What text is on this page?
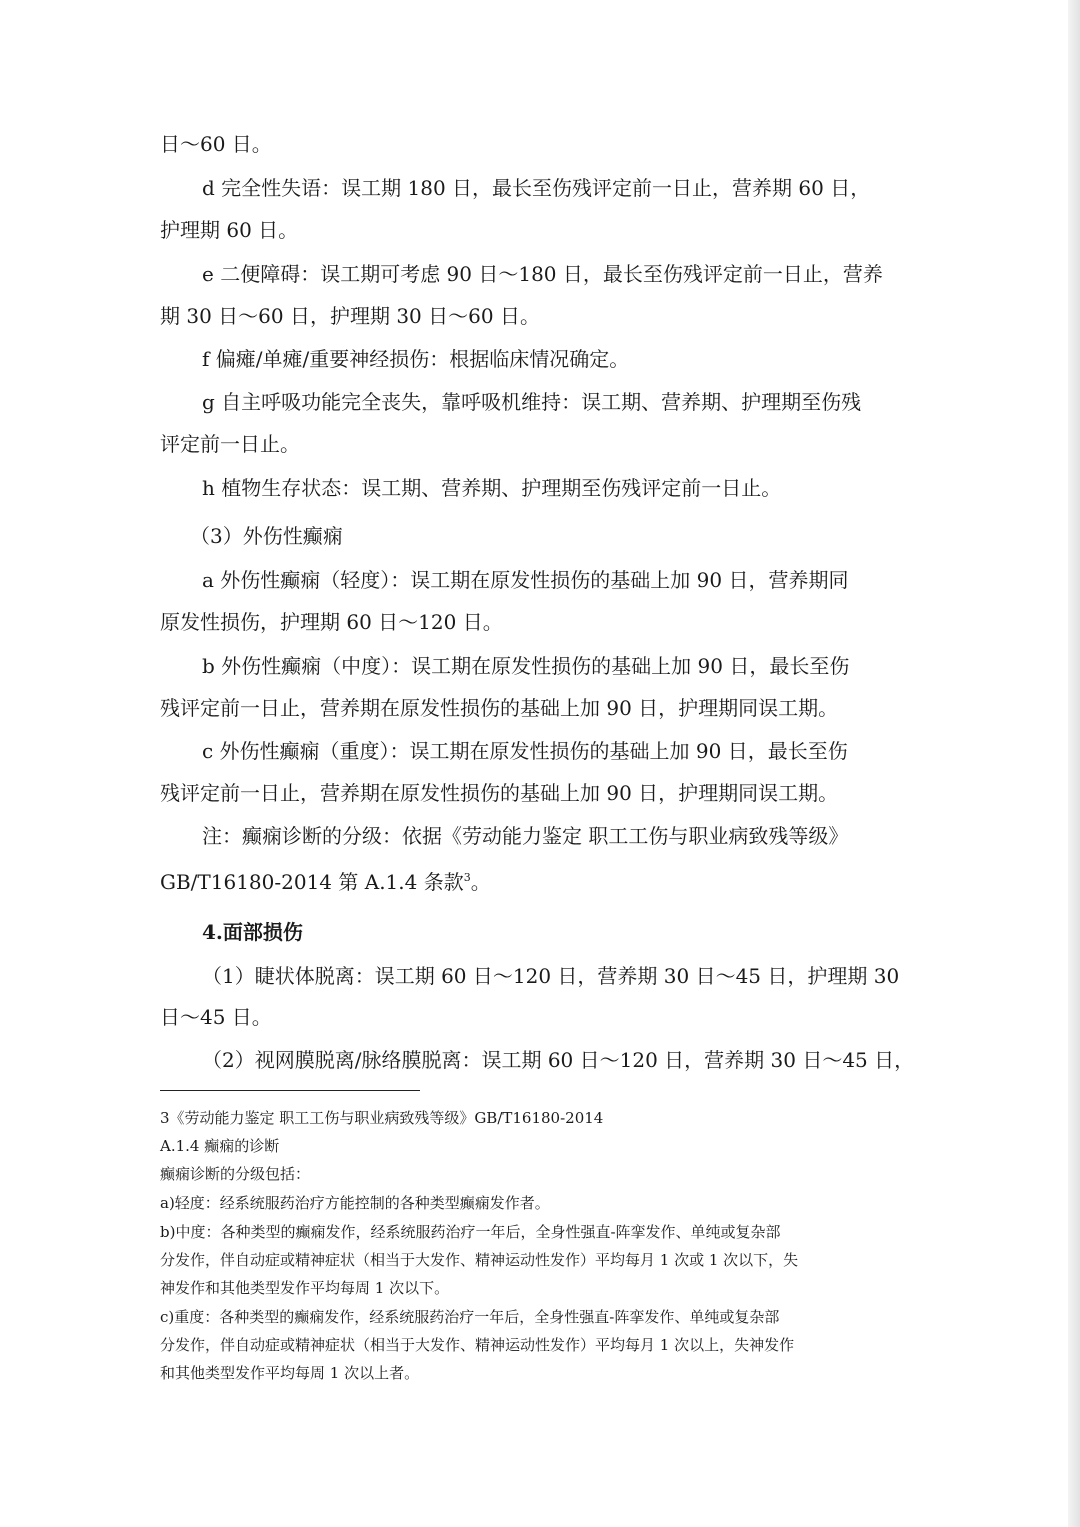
日～60 日。
d 完全性失语：误工期 180 日，最长至伤残评定前一日止，营养期 60 日，
护理期 60 日。
e 二便障碍：误工期可考虑 90 日～180 日，最长至伤残评定前一日止，营养
期 30 日～60 日，护理期 30 日～60 日。
f 偏瘫/单瘫/重要神经损伤：根据临床情况确定。
g 自主呼吸功能完全丧失，靠呼吸机维持：误工期、营养期、护理期至伤残
评定前一日止。
h 植物生存状态：误工期、营养期、护理期至伤残评定前一日止。
（3）外伤性癫痫
a 外伤性癫痫（轻度）：误工期在原发性损伤的基础上加 90 日，营养期同
原发性损伤，护理期 60 日～120 日。
b 外伤性癫痫（中度）：误工期在原发性损伤的基础上加 90 日，最长至伤
残评定前一日止，营养期在原发性损伤的基础上加 90 日，护理期同误工期。
c 外伤性癫痫（重度）：误工期在原发性损伤的基础上加 90 日，最长至伤
残评定前一日止，营养期在原发性损伤的基础上加 90 日，护理期同误工期。
注：癫痫诊断的分级：依据《劳动能力鉴定 职工工伤与职业病致残等级》
GB/T16180-2014 第 A.1.4 条款$^3$。
4.面部损伤
（1）睫状体脱离：误工期 60 日～120 日，营养期 30 日～45 日，护理期 30
日～45 日。
（2）视网膜脱离/脉络膜脱离：误工期 60 日～120 日，营养期 30 日～45 日，
3《劳动能力鉴定 职工工伤与职业病致残等级》GB/T16180-2014
A.1.4 癫痫的诊断
癫痫诊断的分级包括：
a)轻度：经系统服药治疗方能控制的各种类型癫痫发作者。
b)中度：各种类型的癫痫发作，经系统服药治疗一年后，全身性强直-阵挛发作、单纯或复杂部
分发作，伴自动症或精神症状（相当于大发作、精神运动性发作）平均每月 1 次或 1 次以下，失
神发作和其他类型发作平均每周 1 次以下。
c)重度：各种类型的癫痫发作，经系统服药治疗一年后，全身性强直-阵挛发作、单纯或复杂部
分发作，伴自动症或精神症状（相当于大发作、精神运动性发作）平均每月 1 次以上，失神发作
和其他类型发作平均每周 1 次以上者。
